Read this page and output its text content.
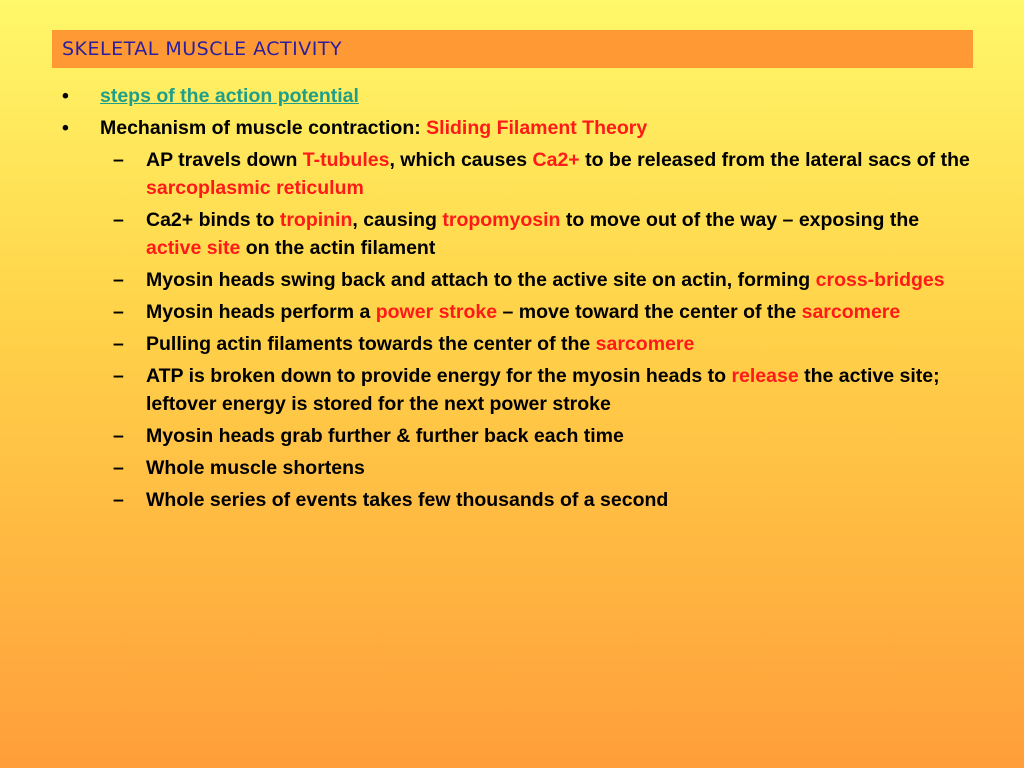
SKELETAL MUSCLE ACTIVITY
• steps of the action potential
• Mechanism of muscle contraction: Sliding Filament Theory
– AP travels down T-tubules, which causes Ca2+ to be released from the lateral sacs of the sarcoplasmic reticulum
– Ca2+ binds to tropinin, causing tropomyosin to move out of the way – exposing the active site on the actin filament
– Myosin heads swing back and attach to the active site on actin, forming cross-bridges
– Myosin heads perform a power stroke – move toward the center of the sarcomere
– Pulling actin filaments towards the center of the sarcomere
– ATP is broken down to provide energy for the myosin heads to release the active site; leftover energy is stored for the next power stroke
– Myosin heads grab further & further back each time
– Whole muscle shortens
– Whole series of events takes few thousands of a second
